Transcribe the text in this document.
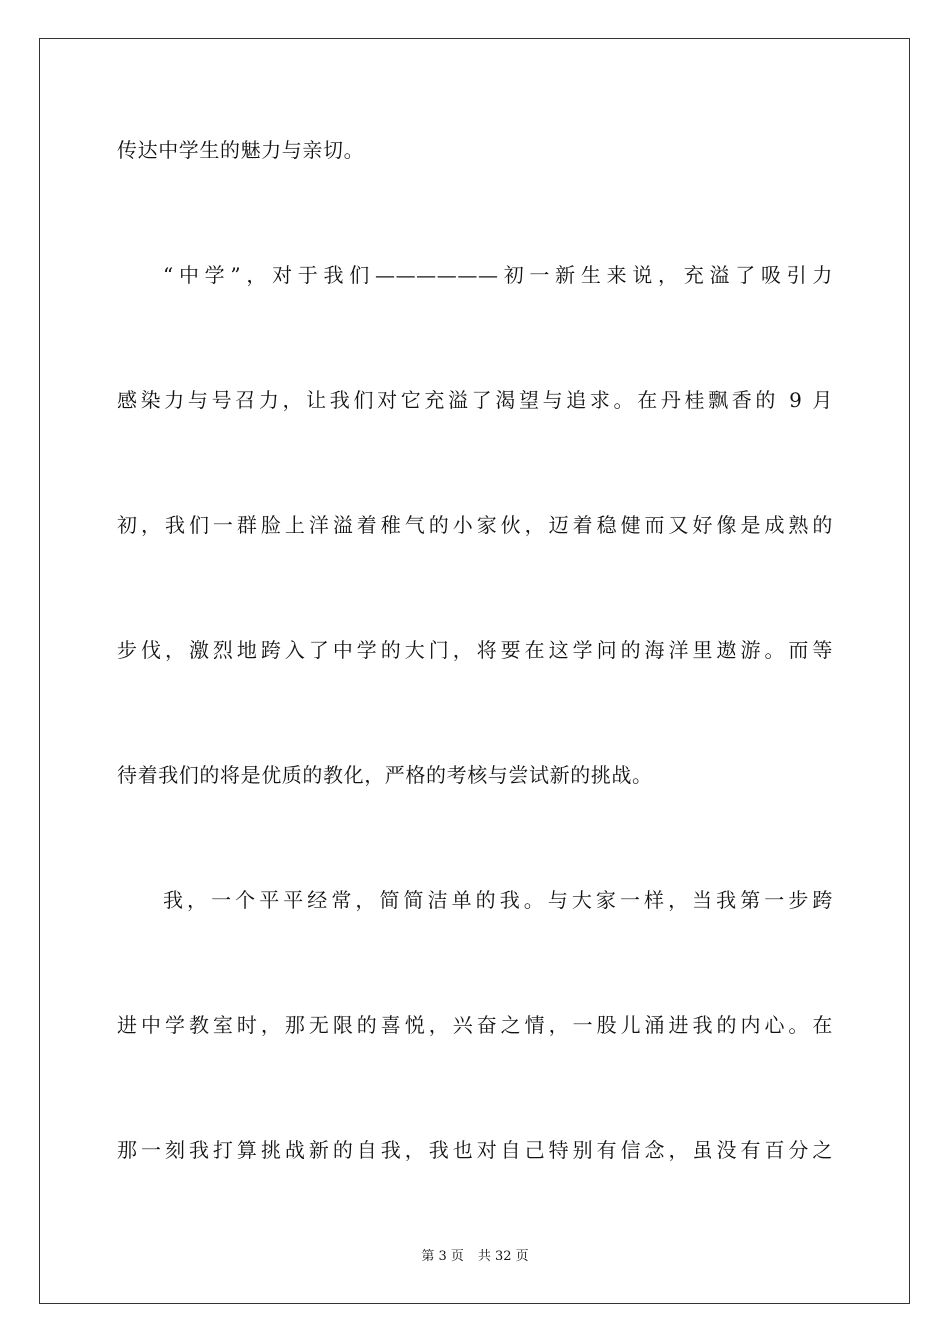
传达中学生的魅力与亲切。
“中学”，对于我们——————初一新生来说，充溢了吸引力
感染力与号召力，让我们对它充溢了渴望与追求。在丹桂飘香的 9 月
初，我们一群脸上洋溢着稚气的小家伙，迈着稳健而又好像是成熟的
步伐，激烈地跨入了中学的大门，将要在这学问的海洋里遨游。而等
待着我们的将是优质的教化，严格的考核与尝试新的挑战。
我，一个平平经常，简简洁单的我。与大家一样，当我第一步跨
进中学教室时，那无限的喜悦，兴奋之情，一股儿涌进我的内心。在
那一刻我打算挑战新的自我，我也对自己特别有信念，虽没有百分之
第 3 页 共 32 页
